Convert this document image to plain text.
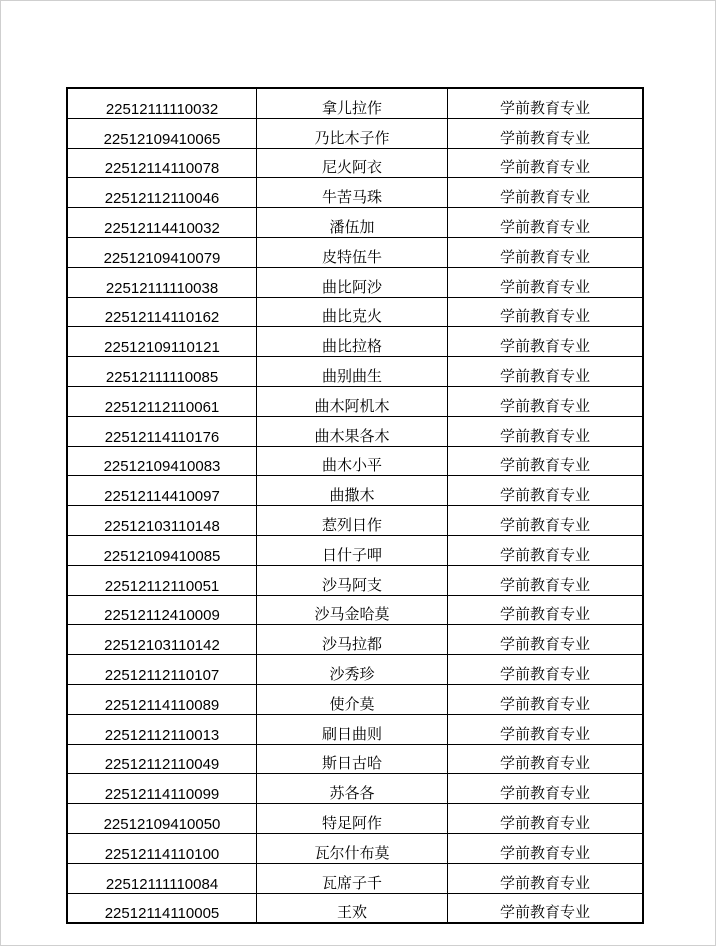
22512111110032	拿儿拉作	学前教育专业
22512109410065	乃比木子作	学前教育专业
22512114110078	尼火阿衣	学前教育专业
22512112110046	牛苦马珠	学前教育专业
22512114410032	潘伍加	学前教育专业
22512109410079	皮特伍牛	学前教育专业
22512111110038	曲比阿沙	学前教育专业
22512114110162	曲比克火	学前教育专业
22512109110121	曲比拉格	学前教育专业
22512111110085	曲别曲生	学前教育专业
22512112110061	曲木阿机木	学前教育专业
22512114110176	曲木果各木	学前教育专业
22512109410083	曲木小平	学前教育专业
22512114410097	曲撒木	学前教育专业
22512103110148	惹列日作	学前教育专业
22512109410085	日什子呷	学前教育专业
22512112110051	沙马阿支	学前教育专业
22512112410009	沙马金哈莫	学前教育专业
22512103110142	沙马拉都	学前教育专业
22512112110107	沙秀珍	学前教育专业
22512114110089	使介莫	学前教育专业
22512112110013	刷日曲则	学前教育专业
22512112110049	斯日古哈	学前教育专业
22512114110099	苏各各	学前教育专业
22512109410050	特足阿作	学前教育专业
22512114110100	瓦尔什布莫	学前教育专业
22512111110084	瓦席子千	学前教育专业
22512114110005	王欢	学前教育专业
